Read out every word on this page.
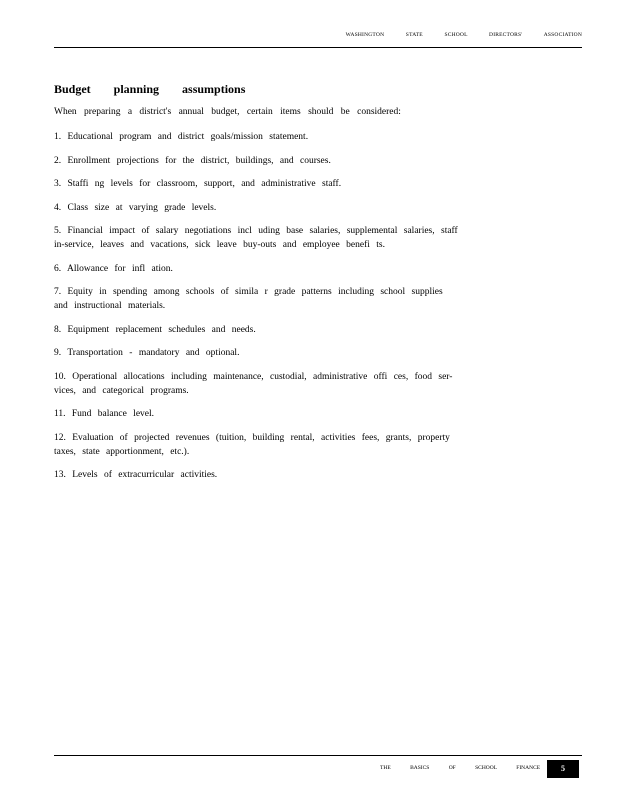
WASHINGTON STATE SCHOOL DIRECTORS' ASSOCIATION
Budget planning assumptions
When preparing a district's annual budget, certain items should be considered:
1. Educational program and district goals/mission statement.
2. Enrollment projections for the district, buildings, and courses.
3. Staffi ng levels for classroom, support, and administrative staff.
4. Class size at varying grade levels.
5. Financial impact of salary negotiations incl uding base salaries, supplemental salaries, staff in-service, leaves and vacations, sick leave buy-outs and employee benefi ts.
6. Allowance for infl ation.
7. Equity in spending among schools of simila r grade patterns including school supplies and instructional materials.
8. Equipment replacement schedules and needs.
9. Transportation - mandatory and optional.
10. Operational allocations including maintenance, custodial, administrative offi ces, food ser- vices, and categorical programs.
11. Fund balance level.
12. Evaluation of projected revenues (tuition, building rental, activities fees, grants, property taxes, state apportionment, etc.).
13. Levels of extracurricular activities.
THE BASICS OF SCHOOL FINANCE	5
